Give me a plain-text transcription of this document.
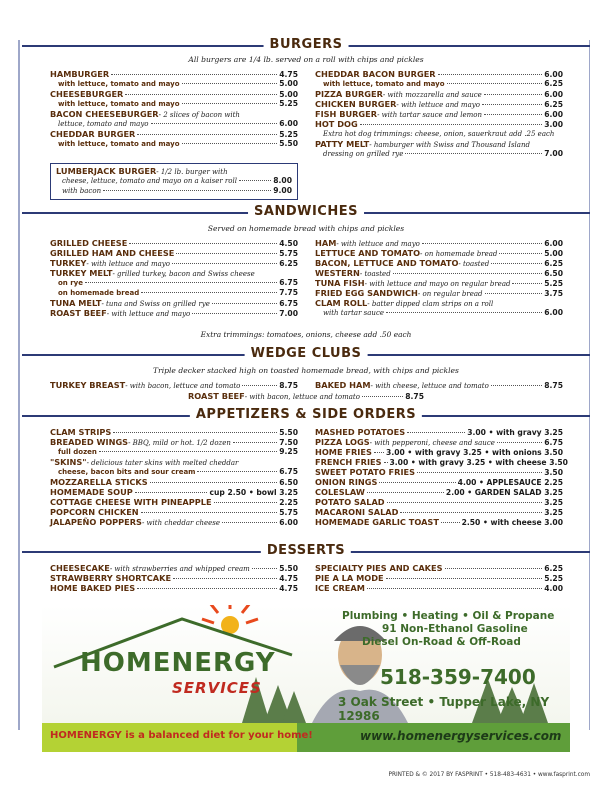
BURGERS
All burgers are 1/4 lb. served on a roll with chips and pickles
HAMBURGER	4.75
with lettuce, tomato and mayo	5.00
CHEESEBURGER	5.00
with lettuce, tomato and mayo	5.25
BACON CHEESEBURGER - 2 slices of bacon with
lettuce, tomato and mayo	6.00
CHEDDAR BURGER	5.25
with lettuce, tomato and mayo	5.50
CHEDDAR BACON BURGER	6.00
with lettuce, tomato and mayo	6.25
PIZZA BURGER - with mozzarella and sauce	6.00
CHICKEN BURGER - with lettuce and mayo	6.25
FISH BURGER - with tartar sauce and lemon	6.00
HOT DOG	3.00
Extra hot dog trimmings: cheese, onion, sauerkraut add .25 each
PATTY MELT - hamburger with Swiss and Thousand Island
dressing on grilled rye	7.00
LUMBERJACK BURGER - 1/2 lb. burger with
cheese, lettuce, tomato and mayo on a kaiser roll	8.00
with bacon	9.00
SANDWICHES
Served on homemade bread with chips and pickles
GRILLED CHEESE	4.50
GRILLED HAM AND CHEESE	5.75
TURKEY - with lettuce and mayo	6.25
TURKEY MELT - grilled turkey, bacon and Swiss cheese
on rye	6.75
on homemade bread	7.75
TUNA MELT - tuna and Swiss on grilled rye	6.75
ROAST BEEF - with lettuce and mayo	7.00
HAM - with lettuce and mayo	6.00
LETTUCE AND TOMATO - on homemade bread	5.00
BACON, LETTUCE AND TOMATO - toasted	6.25
WESTERN - toasted	6.50
TUNA FISH - with lettuce and mayo on regular bread	5.25
FRIED EGG SANDWICH - on regular bread	3.75
CLAM ROLL - batter dipped clam strips on a roll
with tartar sauce	6.00
Extra trimmings: tomatoes, onions, cheese add .50 each
WEDGE CLUBS
Triple decker stacked high on toasted homemade bread, with chips and pickles
TURKEY BREAST - with bacon, lettuce and tomato	8.75 BAKED HAM - with cheese, lettuce and tomato	8.75
ROAST BEEF - with bacon, lettuce and tomato	8.75
APPETIZERS & SIDE ORDERS
CLAM STRIPS	5.50
BREADED WINGS - BBQ, mild or hot. 1/2 dozen	7.50
full dozen	9.25
"SKINS" - delicious tater skins with melted cheddar
cheese, bacon bits and sour cream	6.75
MOZZARELLA STICKS	6.50
HOMEMADE SOUP	cup 2.50 • bowl 3.25
COTTAGE CHEESE WITH PINEAPPLE	2.25
POPCORN CHICKEN	5.75
JALAPEÑO POPPERS - with cheddar cheese	6.00
MASHED POTATOES	3.00 • with gravy 3.25
PIZZA LOGS - with pepperoni, cheese and sauce	6.75
HOME FRIES 3.00 • with gravy 3.25 • with onions 3.50
FRENCH FRIES 3.00 • with gravy 3.25 • with cheese 3.50
SWEET POTATO FRIES	3.50
ONION RINGS	4.00 • APPLESAUCE 2.25
COLESLAW	2.00 • GARDEN SALAD 3.25
POTATO SALAD	3.25
MACARONI SALAD	3.25
HOMEMADE GARLIC TOAST	2.50 • with cheese 3.00
DESSERTS
CHEESECAKE - with strawberries and whipped cream	5.50
STRAWBERRY SHORTCAKE	4.75
HOME BAKED PIES	4.75
SPECIALTY PIES AND CAKES	6.25
PIE A LA MODE	5.25
ICE CREAM	4.00
HOMENERGY
SERVICES
Plumbing • Heating • Oil & Propane
91 Non-Ethanol Gasoline
Diesel On-Road & Off-Road
518-359-7400
3 Oak Street • Tupper Lake, NY 12986
HOMENERGY is a balanced diet for your home!	www.homenergyservices.com
PRINTED & © 2017 BY FASPRINT • 518-483-4631 • www.fasprint.com
